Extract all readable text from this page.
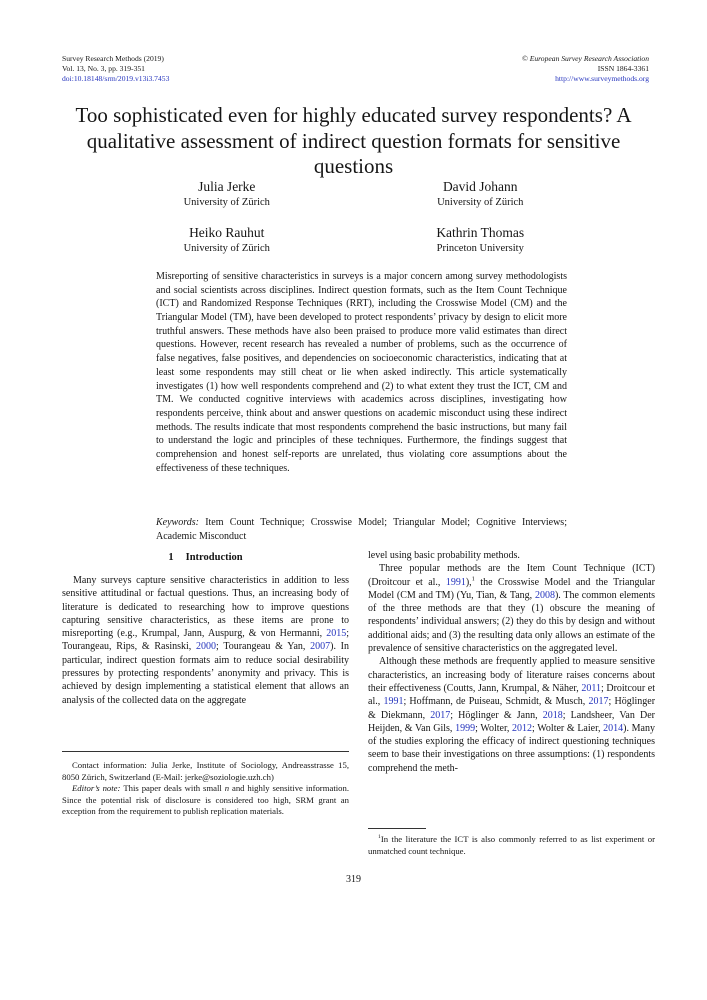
Survey Research Methods (2019)
Vol. 13, No. 3, pp. 319-351
doi:10.18148/srm/2019.v13i3.7453
© European Survey Research Association
ISSN 1864-3361
http://www.surveymethods.org
Too sophisticated even for highly educated survey respondents? A qualitative assessment of indirect question formats for sensitive questions
Julia Jerke
University of Zürich
David Johann
University of Zürich
Heiko Rauhut
University of Zürich
Kathrin Thomas
Princeton University
Misreporting of sensitive characteristics in surveys is a major concern among survey methodologists and social scientists across disciplines. Indirect question formats, such as the Item Count Technique (ICT) and Randomized Response Techniques (RRT), including the Crosswise Model (CM) and the Triangular Model (TM), have been developed to protect respondents’ privacy by design to elicit more truthful answers. These methods have also been praised to produce more valid estimates than direct questions. However, recent research has revealed a number of problems, such as the occurrence of false negatives, false positives, and dependencies on socioeconomic characteristics, indicating that at least some respondents may still cheat or lie when asked indirectly. This article systematically investigates (1) how well respondents comprehend and (2) to what extent they trust the ICT, CM and TM. We conducted cognitive interviews with academics across disciplines, investigating how respondents perceive, think about and answer questions on academic misconduct using these indirect methods. The results indicate that most respondents comprehend the basic instructions, but many fail to understand the logic and principles of these techniques. Furthermore, the findings suggest that comprehension and honest self-reports are unrelated, thus violating core assumptions about the effectiveness of these techniques.
Keywords: Item Count Technique; Crosswise Model; Triangular Model; Cognitive Interviews; Academic Misconduct
1 Introduction

Many surveys capture sensitive characteristics in addition to less sensitive attitudinal or factual questions. Thus, an increasing body of literature is dedicated to researching how to improve questions capturing sensitive characteristics, as these items are prone to misreporting (e.g., Krumpal, Jann, Auspurg, & von Hermanni, 2015; Tourangeau, Rips, & Rasinski, 2000; Tourangeau & Yan, 2007). In particular, indirect question formats aim to reduce social desirability pressures by protecting respondents’ anonymity and privacy. This is achieved by design implementing a statistical element that allows an analysis of the collected data on the aggregate

level using basic probability methods.

Three popular methods are the Item Count Technique (ICT) (Droitcour et al., 1991),$^1$ the Crosswise Model and the Triangular Model (CM and TM) (Yu, Tian, & Tang, 2008). The common elements of the three methods are that they (1) obscure the meaning of respondents’ individual answers; (2) they do this by design and without additional aids; and (3) the resulting data only allows an estimate of the prevalence of sensitive characteristics on the aggregated level.

Although these methods are frequently applied to measure sensitive characteristics, an increasing body of literature raises concerns about their effectiveness (Coutts, Jann, Krumpal, & Näher, 2011; Droitcour et al., 1991; Hoffmann, de Puiseau, Schmidt, & Musch, 2017; Höglinger & Diekmann, 2017; Höglinger & Jann, 2018; Landsheer, Van Der Heijden, & Van Gils, 1999; Wolter, 2012; Wolter & Laier, 2014). Many of the studies exploring the efficacy of indirect questioning techniques seem to base their investigations on three assumptions: (1) respondents comprehend the meth-

Contact information: Julia Jerke, Institute of Sociology, Andreasstrasse 15, 8050 Zürich, Switzerland (E-Mail: jerke@soziologie.uzh.ch)

Editor’s note: This paper deals with small n and highly sensitive information. Since the potential risk of disclosure is considered too high, SRM grant an exception from the requirement to publish replication materials.

$^1$In the literature the ICT is also commonly referred to as list experiment or unmatched count technique.

319
